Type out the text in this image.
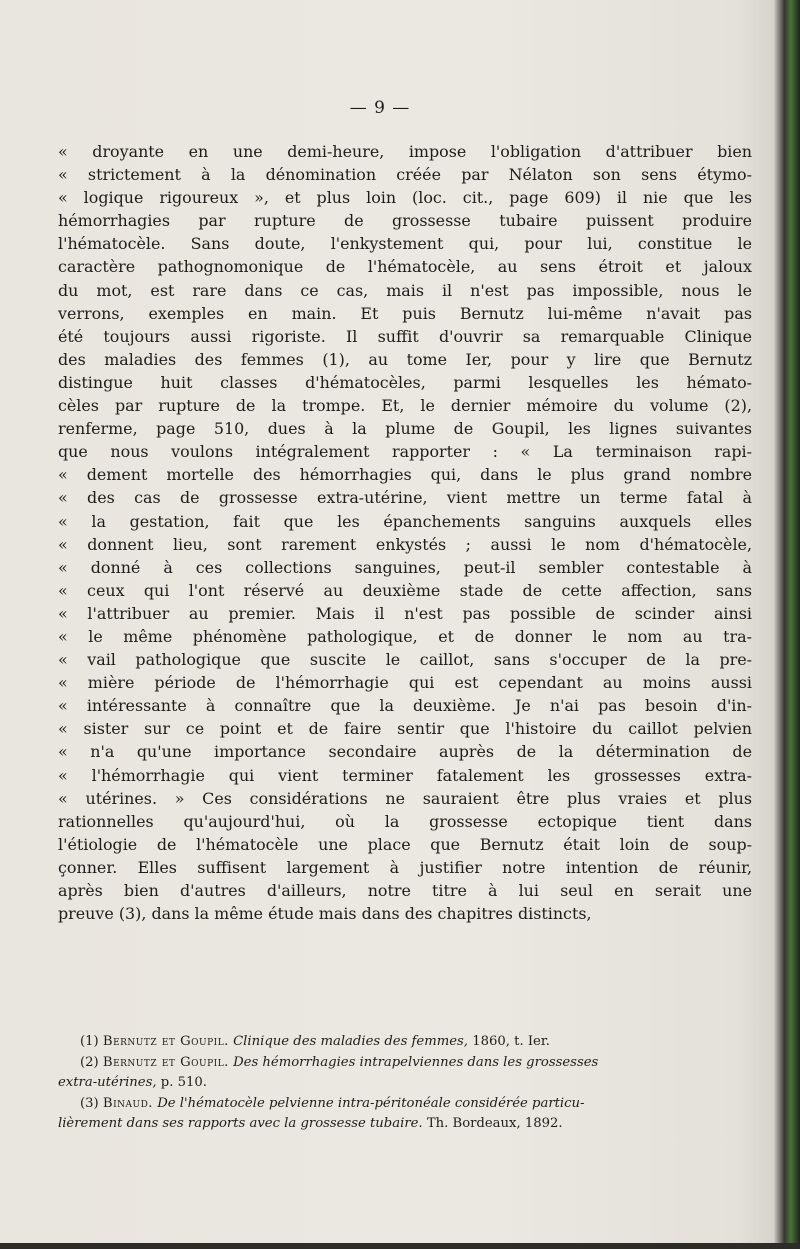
— 9 —
« droyante en une demi-heure, impose l'obligation d'attribuer bien
« strictement à la dénomination créée par Nélaton son sens étymo-
« logique rigoureux », et plus loin (loc. cit., page 609) il nie que les
hémorrhagies par rupture de grossesse tubaire puissent produire
l'hématocèle. Sans doute, l'enkystement qui, pour lui, constitue le
caractère pathognomonique de l'hématocèle, au sens étroit et jaloux
du mot, est rare dans ce cas, mais il n'est pas impossible, nous le
verrons, exemples en main. Et puis Bernutz lui-même n'avait pas
été toujours aussi rigoriste. Il suffit d'ouvrir sa remarquable Clinique
des maladies des femmes (1), au tome Ier, pour y lire que Bernutz
distingue huit classes d'hématocèles, parmi lesquelles les hémato-
cèles par rupture de la trompe. Et, le dernier mémoire du volume (2),
renferme, page 510, dues à la plume de Goupil, les lignes suivantes
que nous voulons intégralement rapporter : « La terminaison rapi-
« dement mortelle des hémorrhagies qui, dans le plus grand nombre
« des cas de grossesse extra-utérine, vient mettre un terme fatal à
« la gestation, fait que les épanchements sanguins auxquels elles
« donnent lieu, sont rarement enkystés ; aussi le nom d'hématocèle,
« donné à ces collections sanguines, peut-il sembler contestable à
« ceux qui l'ont réservé au deuxième stade de cette affection, sans
« l'attribuer au premier. Mais il n'est pas possible de scinder ainsi
« le même phénomène pathologique, et de donner le nom au tra-
« vail pathologique que suscite le caillot, sans s'occuper de la pre-
« mière période de l'hémorrhagie qui est cependant au moins aussi
« intéressante à connaître que la deuxième. Je n'ai pas besoin d'in-
« sister sur ce point et de faire sentir que l'histoire du caillot pelvien
« n'a qu'une importance secondaire auprès de la détermination de
« l'hémorrhagie qui vient terminer fatalement les grossesses extra-
« utérines. » Ces considérations ne sauraient être plus vraies et plus
rationnelles qu'aujourd'hui, où la grossesse ectopique tient dans
l'étiologie de l'hématocèle une place que Bernutz était loin de soup-
çonner. Elles suffisent largement à justifier notre intention de réunir,
après bien d'autres d'ailleurs, notre titre à lui seul en serait une
preuve (3), dans la même étude mais dans des chapitres distincts,
(1) Bernutz et Goupil. Clinique des maladies des femmes, 1860, t. Ier.
(2) Bernutz et Goupil. Des hémorrhagies intrapelviennes dans les grossesses
extra-utérines, p. 510.
(3) Binaud. De l'hématocèle pelvienne intra-péritonéale considérée particu-
lièrement dans ses rapports avec la grossesse tubaire. Th. Bordeaux, 1892.
